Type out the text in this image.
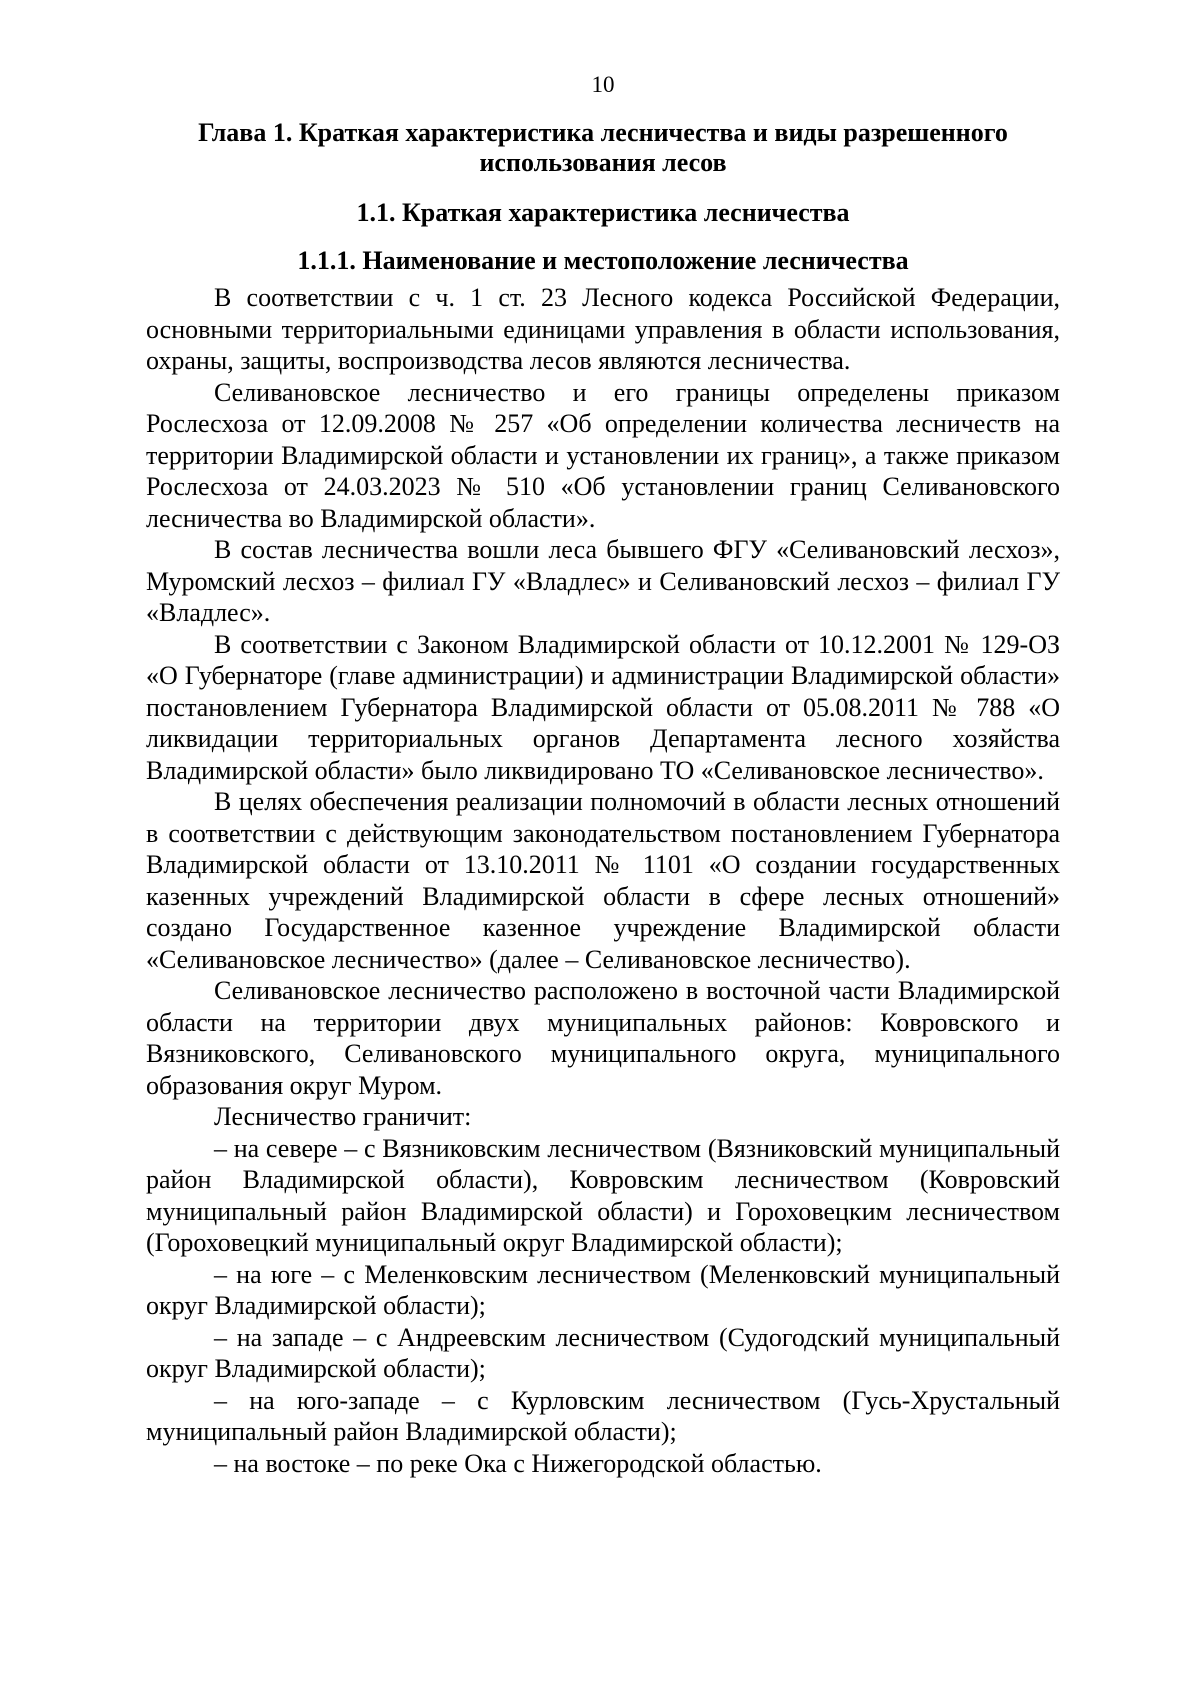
10
Глава 1. Краткая характеристика лесничества и виды разрешенного использования лесов
1.1. Краткая характеристика лесничества
1.1.1. Наименование и местоположение лесничества

В соответствии с ч. 1 ст. 23 Лесного кодекса Российской Федерации, основными территориальными единицами управления в области использования, охраны, защиты, воспроизводства лесов являются лесничества.

Селивановское лесничество и его границы определены приказом Рослесхоза от 12.09.2008 № 257 «Об определении количества лесничеств на территории Владимирской области и установлении их границ», а также приказом Рослесхоза от 24.03.2023 № 510 «Об установлении границ Селивановского лесничества во Владимирской области».

В состав лесничества вошли леса бывшего ФГУ «Селивановский лесхоз», Муромский лесхоз – филиал ГУ «Владлес» и Селивановский лесхоз – филиал ГУ «Владлес».

В соответствии с Законом Владимирской области от 10.12.2001 № 129-ОЗ «О Губернаторе (главе администрации) и администрации Владимирской области» постановлением Губернатора Владимирской области от 05.08.2011 № 788 «О ликвидации территориальных органов Департамента лесного хозяйства Владимирской области» было ликвидировано ТО «Селивановское лесничество».

В целях обеспечения реализации полномочий в области лесных отношений в соответствии с действующим законодательством постановлением Губернатора Владимирской области от 13.10.2011 № 1101 «О создании государственных казенных учреждений Владимирской области в сфере лесных отношений» создано Государственное казенное учреждение Владимирской области «Селивановское лесничество» (далее – Селивановское лесничество).

Селивановское лесничество расположено в восточной части Владимирской области на территории двух муниципальных районов: Ковровского и Вязниковского, Селивановского муниципального округа, муниципального образования округ Муром.

Лесничество граничит:

– на севере – с Вязниковским лесничеством (Вязниковский муниципальный район Владимирской области), Ковровским лесничеством (Ковровский муниципальный район Владимирской области) и Гороховецким лесничеством (Гороховецкий муниципальный округ Владимирской области);

– на юге – с Меленковским лесничеством (Меленковский муниципальный округ Владимирской области);

– на западе – с Андреевским лесничеством (Судогодский муниципальный округ Владимирской области);

– на юго-западе – с Курловским лесничеством (Гусь-Хрустальный муниципальный район Владимирской области);

– на востоке – по реке Ока с Нижегородской областью.
